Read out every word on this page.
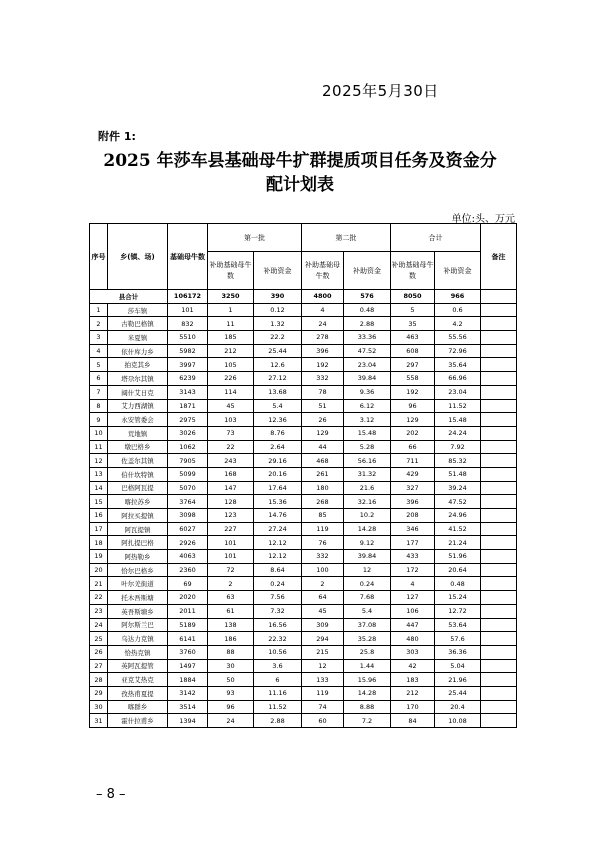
2025年5月30日
附件 1:
2025 年莎车县基础母牛扩群提质项目任务及资金分
配计划表
单位:头、万元
序号	乡(镇、场)	基础母牛数	第一批		第二批		合计		备注
			补助基础母牛数	补助资金	补助基础母牛数	补助资金	补助基础母牛数	补助资金	
县合计		106172	3250	390	4800	576	8050	966	
1	莎车镇	101	1	0.12	4	0.48	5	0.6	
2	古勒巴格镇	832	11	1.32	24	2.88	35	4.2	
3	米夏镇	5510	185	22.2	278	33.36	463	55.56	
4	依什库力乡	5982	212	25.44	396	47.52	608	72.96	
5	拍克其乡	3997	105	12.6	192	23.04	297	35.64	
6	塔尕尔其镇	6239	226	27.12	332	39.84	558	66.96	
7	阔什艾日克	3143	114	13.68	78	9.36	192	23.04	
8	艾力西湖镇	1871	45	5.4	51	6.12	96	11.52	
9	永安管委会	2975	103	12.36	26	3.12	129	15.48	
10	荒地镇	3026	73	8.76	129	15.48	202	24.24	
11	墩巴格乡	1062	22	2.64	44	5.28	66	7.92	
12	佐盖尔其镇	7905	243	29.16	468	56.16	711	85.32	
13	伯什坎特镇	5099	168	20.16	261	31.32	429	51.48	
14	巴格阿瓦提	5070	147	17.64	180	21.6	327	39.24	
15	喀拉苏乡	3764	128	15.36	268	32.16	396	47.52	
16	阿拉买提镇	3098	123	14.76	85	10.2	208	24.96	
17	阿瓦提镇	6027	227	27.24	119	14.28	346	41.52	
18	阿扎提巴格	2926	101	12.12	76	9.12	177	21.24	
19	阿热勒乡	4063	101	12.12	332	39.84	433	51.96	
20	恰尔巴格乡	2360	72	8.64	100	12	172	20.64	
21	叶尔羌街道	69	2	0.24	2	0.24	4	0.48	
22	托木吾斯塘	2020	63	7.56	64	7.68	127	15.24	
23	英吾斯塘乡	2011	61	7.32	45	5.4	106	12.72	
24	阿尔斯兰巴	5189	138	16.56	309	37.08	447	53.64	
25	乌达力克镇	6141	186	22.32	294	35.28	480	57.6	
26	恰热克镇	3760	88	10.56	215	25.8	303	36.36	
27	英阿瓦提管	1497	30	3.6	12	1.44	42	5.04	
28	亚克艾热克	1884	50	6	133	15.96	183	21.96	
29	孜热甫夏提	3142	93	11.16	119	14.28	212	25.44	
30	喀群乡	3514	96	11.52	74	8.88	170	20.4	
31	霍什拉甫乡	1394	24	2.88	60	7.2	84	10.08	
– 8 –
